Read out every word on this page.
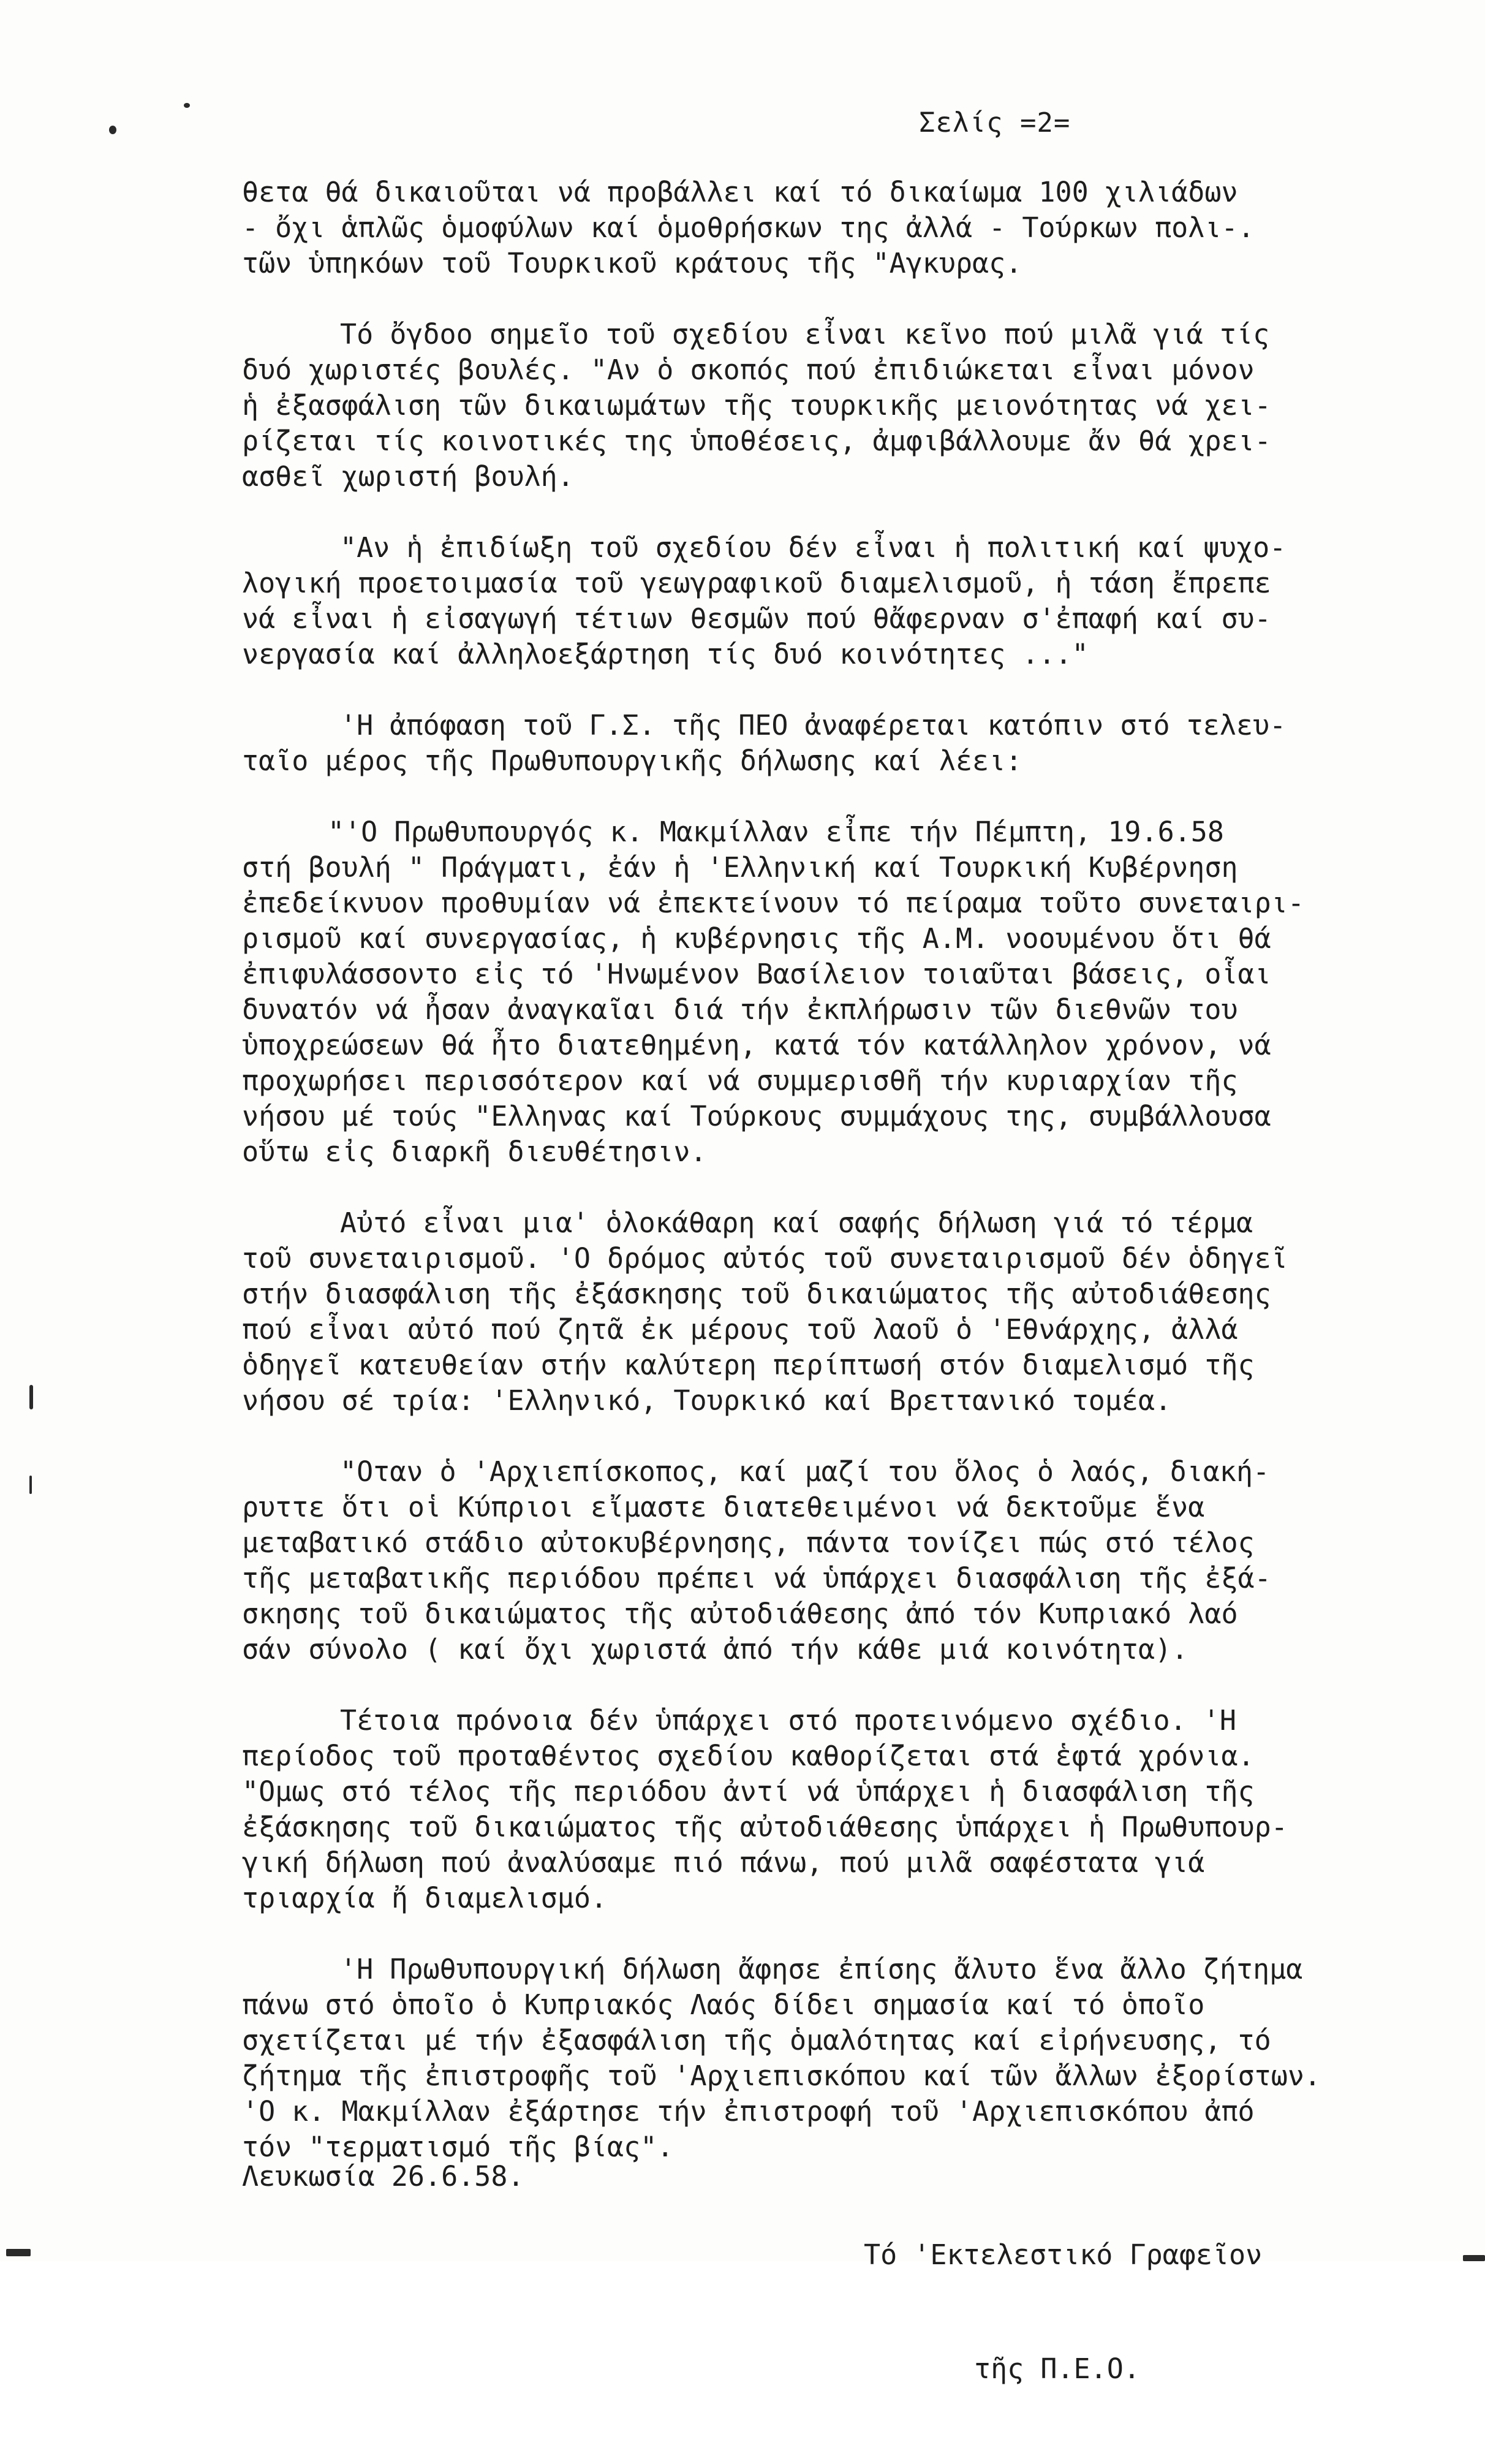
Σελίς =2=
θετα θά δικαιοῦται νά προβάλλει καί τό δικαίωμα 100 χιλιάδων
- ὄχι ἁπλῶς ὁμοφύλων καί ὁμοθρήσκων της ἀλλά - Τούρκων πολι-.
τῶν ὑπηκόων τοῦ Τουρκικοῦ κράτους τῆς "Αγκυρας.
Τό ὄγδοο σημεῖο τοῦ σχεδίου εἶναι κεῖνο πού μιλᾶ γιά τίς
δυό χωριστές βουλές. "Αν ὁ σκοπός πού ἐπιδιώκεται εἶναι μόνον
ἡ ἐξασφάλιση τῶν δικαιωμάτων τῆς τουρκικῆς μειονότητας νά χει-
ρίζεται τίς κοινοτικές της ὑποθέσεις, ἀμφιβάλλουμε ἄν θά χρει-
ασθεῖ χωριστή βουλή.
"Αν ἡ ἐπιδίωξη τοῦ σχεδίου δέν εἶναι ἡ πολιτική καί ψυχο-
λογική προετοιμασία τοῦ γεωγραφικοῦ διαμελισμοῦ, ἡ τάση ἔπρεπε
νά εἶναι ἡ εἰσαγωγή τέτιων θεσμῶν πού θἄφερναν σ'ἐπαφή καί συ-
νεργασία καί ἀλληλοεξάρτηση τίς δυό κοινότητες ..."
'Η ἀπόφαση τοῦ Γ.Σ. τῆς ΠΕΟ ἀναφέρεται κατόπιν στό τελευ-
ταῖο μέρος τῆς Πρωθυπουργικῆς δήλωσης καί λέει:
"'Ο Πρωθυπουργός κ. Μακμίλλαν εἶπε τήν Πέμπτη, 19.6.58
στή βουλή " Πράγματι, ἐάν ἡ 'Ελληνική καί Τουρκική Κυβέρνηση
ἐπεδείκνυον προθυμίαν νά ἐπεκτείνουν τό πείραμα τοῦτο συνεταιρι-
ρισμοῦ καί συνεργασίας, ἡ κυβέρνησις τῆς Α.Μ. νοουμένου ὅτι θά
ἐπιφυλάσσοντο εἰς τό 'Ηνωμένον Βασίλειον τοιαῦται βάσεις, οἷαι
δυνατόν νά ἦσαν ἀναγκαῖαι διά τήν ἐκπλήρωσιν τῶν διεθνῶν του
ὑποχρεώσεων θά ἦτο διατεθημένη, κατά τόν κατάλληλον χρόνον, νά
προχωρήσει περισσότερον καί νά συμμερισθῆ τήν κυριαρχίαν τῆς
νήσου μέ τούς "Ελληνας καί Τούρκους συμμάχους της, συμβάλλουσα
οὕτω εἰς διαρκῆ διευθέτησιν.
Αὐτό εἶναι μια' ὁλοκάθαρη καί σαφής δήλωση γιά τό τέρμα
τοῦ συνεταιρισμοῦ. 'Ο δρόμος αὐτός τοῦ συνεταιρισμοῦ δέν ὁδηγεῖ
στήν διασφάλιση τῆς ἐξάσκησης τοῦ δικαιώματος τῆς αὐτοδιάθεσης
πού εἶναι αὐτό πού ζητᾶ ἐκ μέρους τοῦ λαοῦ ὁ 'Εθνάρχης, ἀλλά
ὁδηγεῖ κατευθείαν στήν καλύτερη περίπτωσή στόν διαμελισμό τῆς
νήσου σέ τρία: 'Ελληνικό, Τουρκικό καί Βρεττανικό τομέα.
"Οταν ὁ 'Αρχιεπίσκοπος, καί μαζί του ὅλος ὁ λαός, διακή-
ρυττε ὅτι οἱ Κύπριοι εἴμαστε διατεθειμένοι νά δεκτοῦμε ἕνα
μεταβατικό στάδιο αὐτοκυβέρνησης, πάντα τονίζει πώς στό τέλος
τῆς μεταβατικῆς περιόδου πρέπει νά ὑπάρχει διασφάλιση τῆς ἐξά-
σκησης τοῦ δικαιώματος τῆς αὐτοδιάθεσης ἀπό τόν Κυπριακό λαό
σάν σύνολο ( καί ὄχι χωριστά ἀπό τήν κάθε μιά κοινότητα).
Τέτοια πρόνοια δέν ὑπάρχει στό προτεινόμενο σχέδιο. 'Η
περίοδος τοῦ προταθέντος σχεδίου καθορίζεται στά ἑφτά χρόνια.
"Ομως στό τέλος τῆς περιόδου ἀντί νά ὑπάρχει ἡ διασφάλιση τῆς
ἐξάσκησης τοῦ δικαιώματος τῆς αὐτοδιάθεσης ὑπάρχει ἡ Πρωθυπουρ-
γική δήλωση πού ἀναλύσαμε πιό πάνω, πού μιλᾶ σαφέστατα γιά
τριαρχία ἤ διαμελισμό.
'Η Πρωθυπουργική δήλωση ἄφησε ἐπίσης ἄλυτο ἕνα ἄλλο ζήτημα
πάνω στό ὁποῖο ὁ Κυπριακός Λαός δίδει σημασία καί τό ὁποῖο
σχετίζεται μέ τήν ἐξασφάλιση τῆς ὁμαλότητας καί εἰρήνευσης, τό
ζήτημα τῆς ἐπιστροφῆς τοῦ 'Αρχιεπισκόπου καί τῶν ἄλλων ἐξορίστων.
'Ο κ. Μακμίλλαν ἐξάρτησε τήν ἐπιστροφή τοῦ 'Αρχιεπισκόπου ἀπό
τόν "τερματισμό τῆς βίας".
Λευκωσία 26.6.58.

Τό 'Εκτελεστικό Γραφεῖον

τῆς Π.Ε.Ο.
